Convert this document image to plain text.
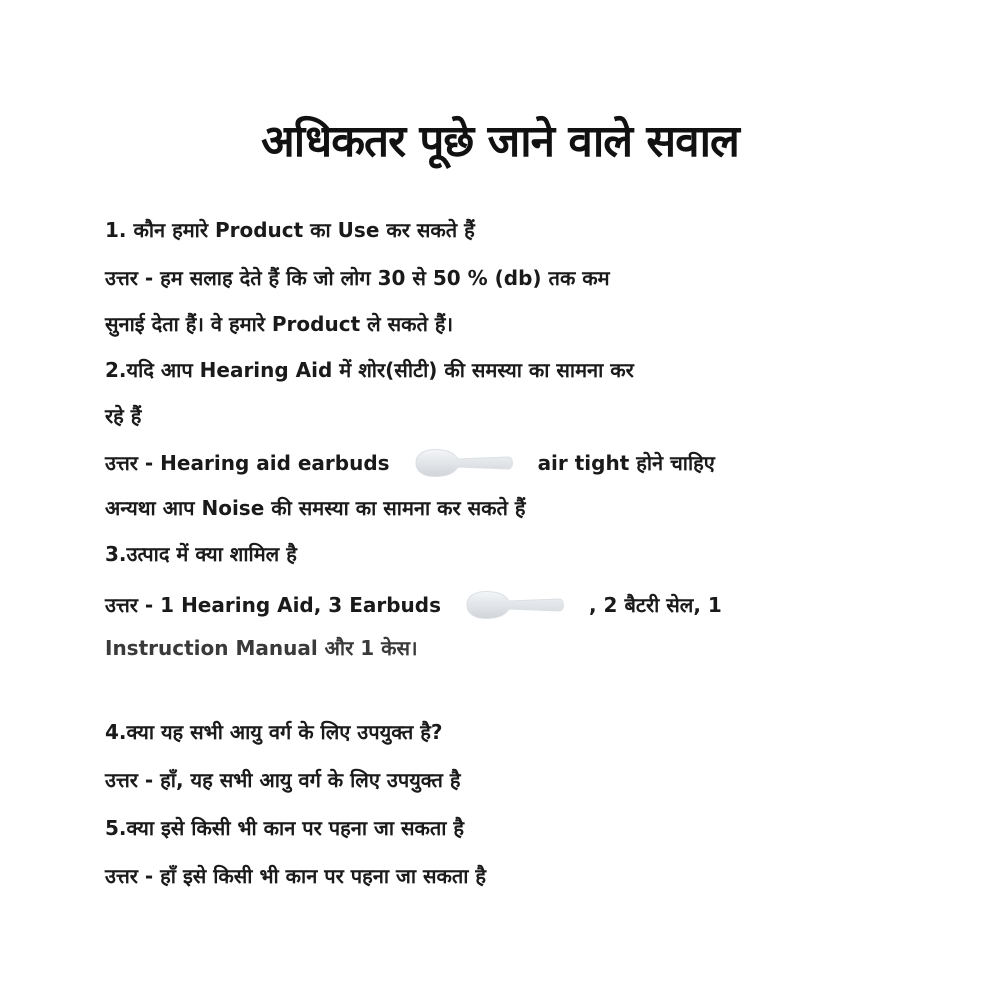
अधिकतर पूछे जाने वाले सवाल
1. कौन हमारे Product का Use कर सकते हैं
उत्तर - हम सलाह देते हैं कि जो लोग 30 से 50 % (db) तक कम
सुनाई देता हैं। वे हमारे Product ले सकते हैं।
2.यदि आप Hearing Aid में शोर(सीटी) की समस्या का सामना कर
रहे हैं
उत्तर - Hearing aid earbuds	air tight होने चाहिए
अन्यथा आप Noise की समस्या का सामना कर सकते हैं
3.उत्पाद में क्या शामिल है
उत्तर - 1 Hearing Aid, 3 Earbuds	, 2 बैटरी सेल, 1
Instruction Manual और 1 केस।
4.क्या यह सभी आयु वर्ग के लिए उपयुक्त है?
उत्तर - हाँ, यह सभी आयु वर्ग के लिए उपयुक्त है
5.क्या इसे किसी भी कान पर पहना जा सकता है
उत्तर - हाँ इसे किसी भी कान पर पहना जा सकता है
